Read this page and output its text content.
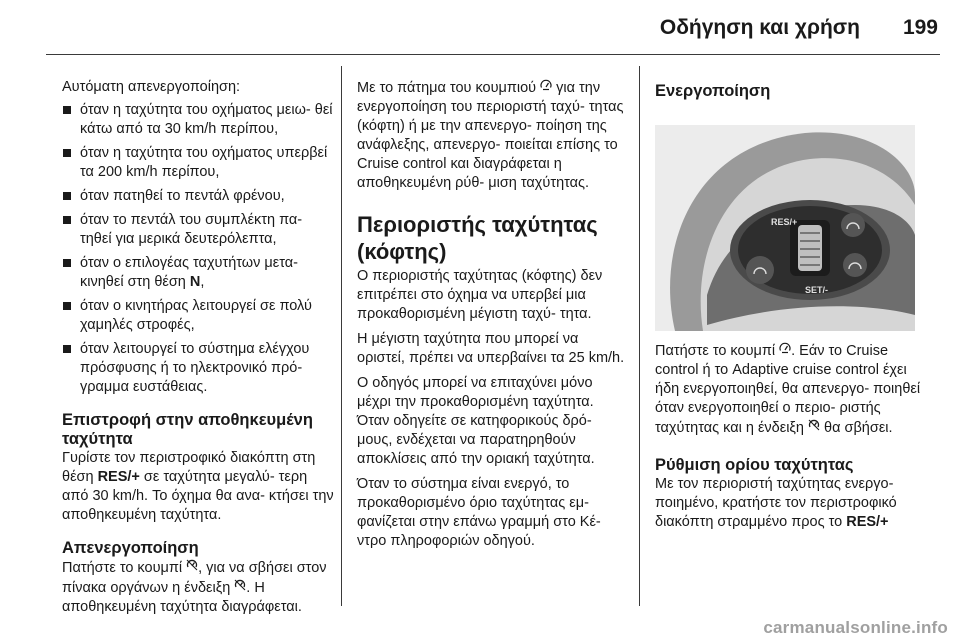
Οδήγηση και χρήση	199

Αυτόματη απενεργοποίηση:

όταν η ταχύτητα του οχήματος μειω- θεί κάτω από τα 30 km/h περίπου,
όταν η ταχύτητα του οχήματος υπερβεί τα 200 km/h περίπου,
όταν πατηθεί το πεντάλ φρένου,
όταν το πεντάλ του συμπλέκτη πα- τηθεί για μερικά δευτερόλεπτα,
όταν ο επιλογέας ταχυτήτων μετα- κινηθεί στη θέση N,
όταν ο κινητήρας λειτουργεί σε πολύ χαμηλές στροφές,
όταν λειτουργεί το σύστημα ελέγχου πρόσφυσης ή το ηλεκτρονικό πρό- γραμμα ευστάθειας.
Επιστροφή στην αποθηκευμένη ταχύτητα

Γυρίστε τον περιστροφικό διακόπτη στη θέση RES/+ σε ταχύτητα μεγαλύ- τερη από 30 km/h. Το όχημα θα ανα- κτήσει την αποθηκευμένη ταχύτητα.

Απενεργοποίηση

Πατήστε το κουμπί , για να σβήσει στον πίνακα οργάνων η ένδειξη . Η αποθηκευμένη ταχύτητα διαγράφεται.

Με το πάτημα του κουμπιού  για την ενεργοποίηση του περιοριστή ταχύ- τητας (κόφτη) ή με την απενεργο- ποίηση της ανάφλεξης, απενεργο- ποιείται επίσης το Cruise control και διαγράφεται η αποθηκευμένη ρύθ- μιση ταχύτητας.

Περιοριστής ταχύτητας (κόφτης)

Ο περιοριστής ταχύτητας (κόφτης) δεν επιτρέπει στο όχημα να υπερβεί μια προκαθορισμένη μέγιστη ταχύ- τητα.

Η μέγιστη ταχύτητα που μπορεί να οριστεί, πρέπει να υπερβαίνει τα 25 km/h.

Ο οδηγός μπορεί να επιταχύνει μόνο μέχρι την προκαθορισμένη ταχύτητα. Όταν οδηγείτε σε κατηφορικούς δρό- μους, ενδέχεται να παρατηρηθούν αποκλίσεις από την οριακή ταχύτητα.

Όταν το σύστημα είναι ενεργό, το προκαθορισμένο όριο ταχύτητας εμ- φανίζεται στην επάνω γραμμή στο Κέ- ντρο πληροφοριών οδηγού.

Ενεργοποίηση
RES/+
SET/-

Πατήστε το κουμπί . Εάν το Cruise control ή το Adaptive cruise control έχει ήδη ενεργοποιηθεί, θα απενεργο- ποιηθεί όταν ενεργοποιηθεί ο περιο- ριστής ταχύτητας και η ένδειξη  θα σβήσει.

Ρύθμιση ορίου ταχύτητας

Με τον περιοριστή ταχύτητας ενεργο- ποιημένο, κρατήστε τον περιστροφικό διακόπτη στραμμένο προς το RES/+

carmanualsonline.info
